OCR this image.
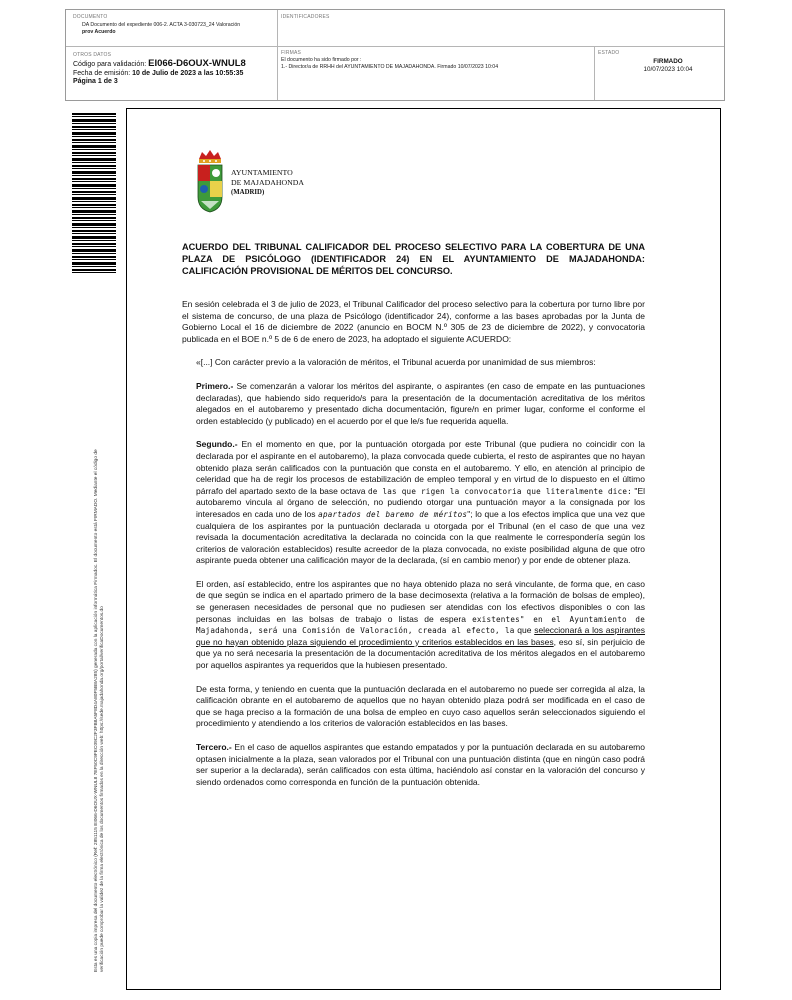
DOCUMENTO
DA Documento del expediente 006-2. ACTA 3-030723_24 Valoración
prov Acuerdo
IDENTIFICADORES
OTROS DATOS
Código para validación: EI066-D6OUX-WNUL8
Fecha de emisión: 10 de Julio de 2023 a las 10:55:35
Página 1 de 3
FIRMAS
El documento ha sido firmado por :
1.- Director/a de RRHH del AYUNTAMIENTO DE MAJADAHONDA. Firmado 10/07/2023 10:04
ESTADO
FIRMADO
10/07/2023 10:04
Esta es una copia impresa del documento electrónico (Ref: 2851115 EI066-D6OUX-WNUL8 7EF50C9FEC09C2F3FB8A5F8D4A80F5B8A285) generada con la aplicación informática Firmadoc. El documento está FIRMADO. Mediante el código de verificación puede comprobar la validez de la firma electrónica de los documentos firmados en la dirección web: https://sede.majadahonda.org/portal/verificaDocumentos.do
AYUNTAMIENTO
DE MAJADAHONDA
(MADRID)
ACUERDO DEL TRIBUNAL CALIFICADOR DEL PROCESO SELECTIVO PARA LA COBERTURA DE UNA PLAZA DE PSICÓLOGO (IDENTIFICADOR 24) EN EL AYUNTAMIENTO DE MAJADAHONDA: CALIFICACIÓN PROVISIONAL DE MÉRITOS DEL CONCURSO.

En sesión celebrada el 3 de julio de 2023, el Tribunal Calificador del proceso selectivo para la cobertura por turno libre por el sistema de concurso, de una plaza de Psicólogo (identificador 24), conforme a las bases aprobadas por la Junta de Gobierno Local el 16 de diciembre de 2022 (anuncio en BOCM N.º 305 de 23 de diciembre de 2022), y convocatoria publicada en el BOE n.º 5 de 6 de enero de 2023, ha adoptado el siguiente ACUERDO:

«[...] Con carácter previo a la valoración de méritos, el Tribunal acuerda por unanimidad de sus miembros:

Primero.- Se comenzarán a valorar los méritos del aspirante, o aspirantes (en caso de empate en las puntuaciones declaradas), que habiendo sido requerido/s para la presentación de la documentación acreditativa de los méritos alegados en el autobaremo y presentado dicha documentación, figure/n en primer lugar, conforme el conforme el orden establecido (y publicado) en el acuerdo por el que le/s fue requerida aquella.

Segundo.- En el momento en que, por la puntuación otorgada por este Tribunal (que pudiera no coincidir con la declarada por el aspirante en el autobaremo), la plaza convocada quede cubierta, el resto de aspirantes que no hayan obtenido plaza serán calificados con la puntuación que consta en el autobaremo. Y ello, en atención al principio de celeridad que ha de regir los procesos de estabilización de empleo temporal y en virtud de lo dispuesto en el último párrafo del apartado sexto de la base octava de las que rigen la convocatoria que literalmente dice: "El autobaremo vincula al órgano de selección, no pudiendo otorgar una puntuación mayor a la consignada por los interesados en cada uno de los apartados del baremo de méritos"; lo que a los efectos implica que una vez que cualquiera de los aspirantes por la puntuación declarada u otorgada por el Tribunal (en el caso de que una vez revisada la documentación acreditativa la declarada no coincida con la que realmente le correspondería según los criterios de valoración establecidos) resulte acreedor de la plaza convocada, no existe posibilidad alguna de que otro aspirante pueda obtener una calificación mayor de la declarada, (sí en cambio menor) y por ende de obtener plaza.

El orden, así establecido, entre los aspirantes que no haya obtenido plaza no será vinculante, de forma que, en caso de que según se indica en el apartado primero de la base decimosexta (relativa a la formación de bolsas de empleo), se generasen necesidades de personal que no pudiesen ser atendidas con los efectivos disponibles o con las personas incluidas en las bolsas de trabajo o listas de espera existentes" en el Ayuntamiento de Majadahonda, será una Comisión de Valoración, creada al efecto, la que seleccionará a los aspirantes que no hayan obtenido plaza siguiendo el procedimiento y criterios establecidos en las bases, eso sí, sin perjuicio de que ya no será necesaria la presentación de la documentación acreditativa de los méritos alegados en el autobaremo por aquellos aspirantes ya requeridos que la hubiesen presentado.

De esta forma, y teniendo en cuenta que la puntuación declarada en el autobaremo no puede ser corregida al alza, la calificación obrante en el autobaremo de aquellos que no hayan obtenido plaza podrá ser modificada en el caso de que se haga preciso a la formación de una bolsa de empleo en cuyo caso aquellos serán seleccionados siguiendo el procedimiento y atendiendo a los criterios de valoración establecidos en las bases.

Tercero.- En el caso de aquellos aspirantes que estando empatados y por la puntuación declarada en su autobaremo optasen inicialmente a la plaza, sean valorados por el Tribunal con una puntuación distinta (que en ningún caso podrá ser superior a la declarada), serán calificados con esta última, haciéndolo así constar en la valoración del concurso y siendo ordenados como corresponda en función de la puntuación obtenida.
